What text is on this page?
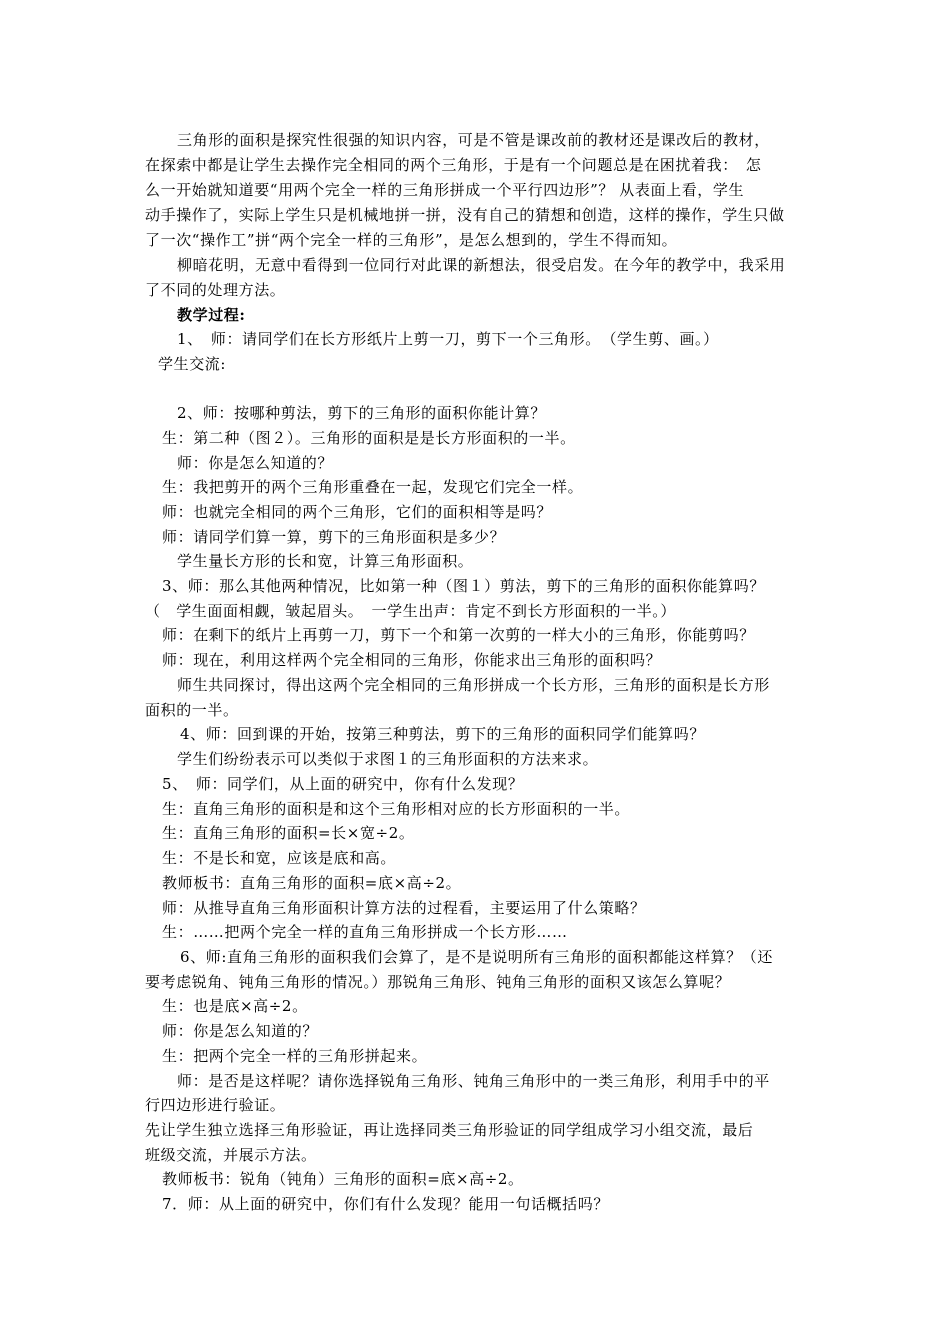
三角形的面积是探究性很强的知识内容，可是不管是课改前的教材还是课改后的教材，
在探索中都是让学生去操作完全相同的两个三角形，于是有一个问题总是在困扰着我：　怎
么一开始就知道要“用两个完全一样的三角形拼成一个平行四边形”？ 从表面上看，学生
动手操作了，实际上学生只是机械地拼一拼，没有自己的猜想和创造，这样的操作，学生只做
了一次“操作工”拼“两个完全一样的三角形”，是怎么想到的，学生不得而知。
柳暗花明，无意中看得到一位同行对此课的新想法，很受启发。在今年的教学中，我采用
了不同的处理方法。
教学过程:
1、　师：请同学们在长方形纸片上剪一刀，剪下一个三角形。　（学生剪、画。）
学生交流:
2、师：按哪种剪法，剪下的三角形的面积你能计算？
生：第二种（图２）。三角形的面积是是长方形面积的一半。
师：你是怎么知道的？
生：我把剪开的两个三角形重叠在一起，发现它们完全一样。
师：也就完全相同的两个三角形，它们的面积相等是吗？
师：请同学们算一算，剪下的三角形面积是多少？
学生量长方形的长和宽，计算三角形面积。
3、师：那么其他两种情况，比如第一种（图１）剪法，剪下的三角形的面积你能算吗？
（　学生面面相觑，皱起眉头。　一学生出声：肯定不到长方形面积的一半。）
师：在剩下的纸片上再剪一刀，剪下一个和第一次剪的一样大小的三角形，你能剪吗？
师：现在，利用这样两个完全相同的三角形，你能求出三角形的面积吗？
师生共同探讨，得出这两个完全相同的三角形拼成一个长方形，三角形的面积是长方形
面积的一半。
4、师：回到课的开始，按第三种剪法，剪下的三角形的面积同学们能算吗？
学生们纷纷表示可以类似于求图１的三角形面积的方法来求。
5、　师：同学们，从上面的研究中，你有什么发现？
生：直角三角形的面积是和这个三角形相对应的长方形面积的一半。
生：直角三角形的面积=长×宽÷2。
生：不是长和宽，应该是底和高。
教师板书：直角三角形的面积=底×高÷2。
师：从推导直角三角形面积计算方法的过程看，主要运用了什么策略？
生：……把两个完全一样的直角三角形拼成一个长方形……
6、师:直角三角形的面积我们会算了，是不是说明所有三角形的面积都能这样算？（还
要考虑锐角、钝角三角形的情况。）那锐角三角形、钝角三角形的面积又该怎么算呢？
生：也是底×高÷2。
师：你是怎么知道的？
生：把两个完全一样的三角形拼起来。
师：是否是这样呢？请你选择锐角三角形、钝角三角形中的一类三角形，利用手中的平
行四边形进行验证。
先让学生独立选择三角形验证，再让选择同类三角形验证的同学组成学习小组交流，最后
班级交流，并展示方法。
教师板书：锐角（钝角）三角形的面积=底×高÷2。
7．师：从上面的研究中，你们有什么发现？能用一句话概括吗？
